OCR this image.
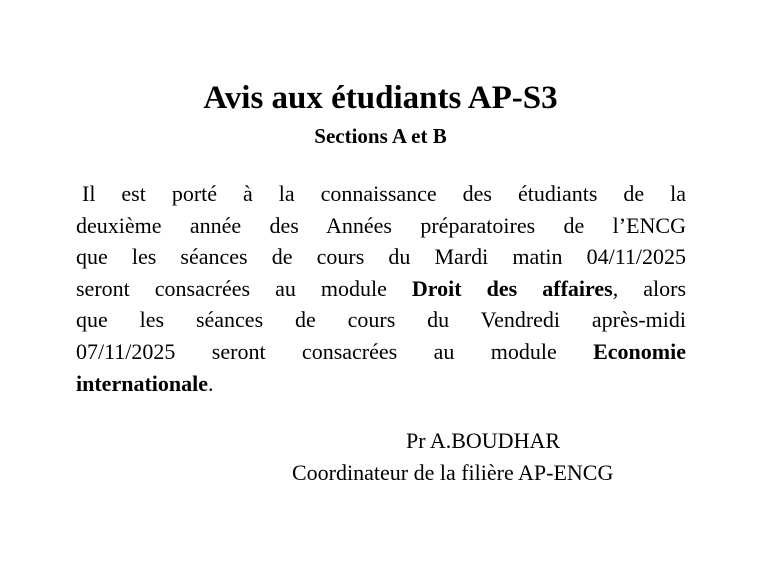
Avis aux étudiants AP-S3
Sections A et B
Il est porté à la connaissance des étudiants de la
deuxième année des Années préparatoires de l’ENCG
que les séances de cours du Mardi matin 04/11/2025
seront consacrées au module Droit des affaires, alors
que les séances de cours du Vendredi après-midi
07/11/2025 seront consacrées au module Economie
internationale.
Pr A.BOUDHAR
Coordinateur de la filière AP-ENCG
